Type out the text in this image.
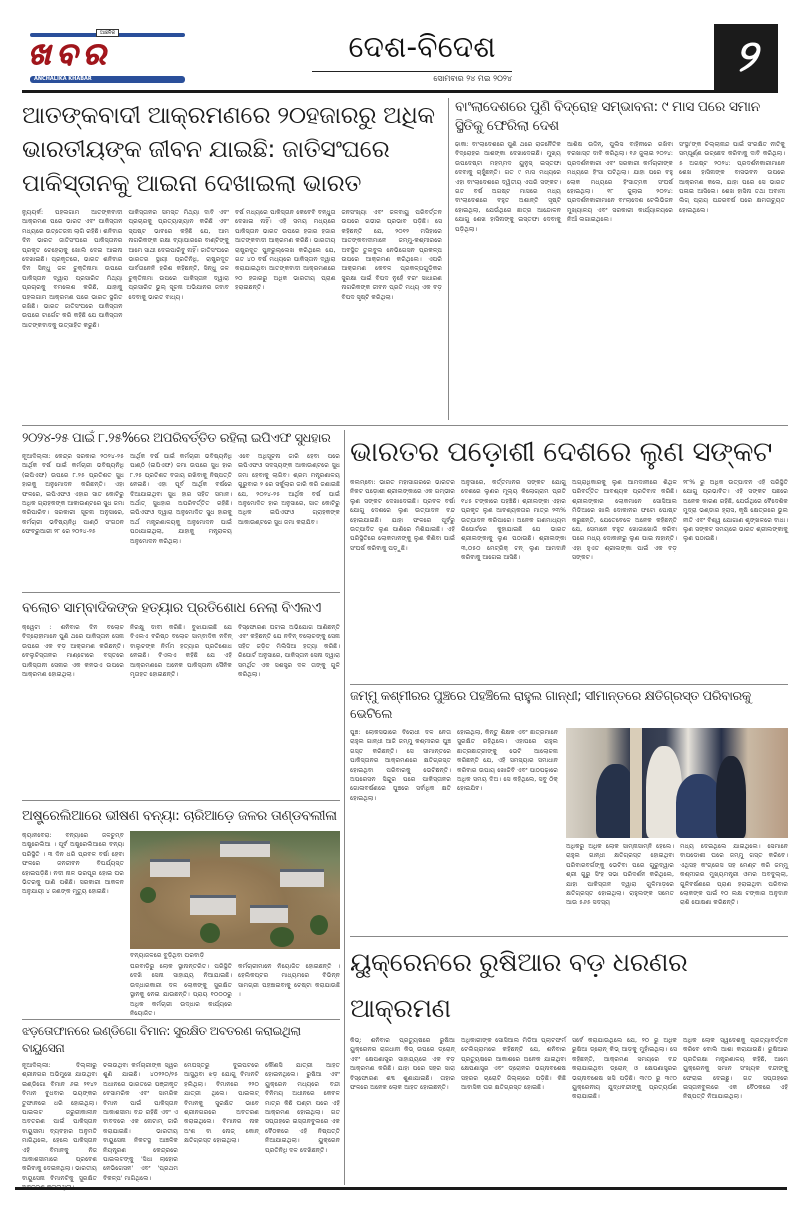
ଖବର
ଆଞ୍ଚଳିକ
ANCHALIKA KHABAR
ଦେଶ-ବିଦେଶ
ସୋମବାର ୨୪ ମଇ ୨୦୨୪	୨
ଆତଙ୍କବାଦୀ ଆକ୍ରମଣରେ ୨୦ହଜାରରୁ ଅଧିକ ଭାରତୀୟଙ୍କ ଜୀବନ ଯାଇଛି: ଜାତିସଂଘରେ ପାକିସ୍ତାନକୁ ଆଇନା ଦେଖାଇଲା ଭାରତ
ନ୍ୟୁୟର୍କ: ପହଲଗାମ ଆତଙ୍କବାଦୀ ଆକ୍ରମଣ ପରେ ଭାରତ ଏବଂ ପାକିସ୍ତାନ ମଧ୍ୟରେ ଉତ୍ତେଜନା ଲାଗି ରହିଛି। ଶନିବାର ଦିନ ଭାରତ ଜାତିସଂଘରେ ପାକିସ୍ତାନର ପ୍ରକୃତ ଚେହେରାକୁ ଖୋଲି ଦେଇ ଆଇନା ଦେଖାଇଛି। ପ୍ରକୃତରେ, ଭାରତ ଶନିବାର ଦିନ ସିନ୍ଧୁ ଜଳ ଚୁକ୍ତିନାମା ଉପରେ ପାକିସ୍ତାନ ଦ୍ୱାରା ପ୍ରସାରିତ ମିଥ୍ୟା ପ୍ରଚାରକୁ ବମଲେଶ କରିଛି, ଯାହାକୁ ପହଲଗାମ ଆକ୍ରମଣ ପରେ ଭାରତ ସ୍ଥଗିତ ରଖିଛି। ଭାରତ ଜାତିସଂଘରେ ପାକିସ୍ତାନ ଉପରେ ଟାର୍ଗେଟ କରି କହିଛି ଯେ ପାକିସ୍ତାନ ଆତଙ୍କବାଦକୁ ଉତ୍ସାହିତ କରୁଛି।
ପାକିସ୍ତାନର ସମସ୍ତ ମିଥ୍ୟା ଦାବି ଏବଂ ପ୍ରଚାରକୁ ପ୍ରତ୍ୟାଖ୍ୟାନ କରିଛି ଏବଂ ସ୍ପଷ୍ଟ ଭାବରେ କହିଛି ଯେ, ଆମ ନାଗରିକଙ୍କ ରକ୍ଷା ବ୍ୟାପାରରେ ବାଣ୍ଟିଙ୍କୁ ଆମେ ସାଥୀ ଦେଇପାରିବୁ ନାହିଁ। ଜାତିସଂଘରେ ଭାରତର ସ୍ଥାୟୀ ପ୍ରତିନିଧି, ରାଷ୍ଟ୍ରଦୂତ ପାର୍ବତାନେନି ହରିଶ କହିଛନ୍ତି, ସିନ୍ଧୁ ଜଳ ଚୁକ୍ତିନାମା ଉପରେ ପାକିସ୍ତାନ ଦ୍ୱାରା ପ୍ରସାରିତ ଭୁଲ୍ ସୂଚନା ଅଭିଯାନର ଜବାବ ଦେବାକୁ ଭାରତ ବାଧ୍ୟ।
ବର୍ଷ ମଧ୍ୟରେ ପାକିସ୍ତାନ କେବେବି ବନ୍ଧୁତା ଦେଖାଇ ନାହିଁ। ଏହି ସମୟ ମଧ୍ୟରେ ପାକିସ୍ତାନ ଭାରତ ଉପରେ ହଜାର ହଜାର ଆତଙ୍କବାଦୀ ଆକ୍ରମଣ କରିଛି। ଭାରତୀୟ ରାଷ୍ଟ୍ରଦୂତ ପୁନରୁଲ୍ଲେଖ କରିଥିଲେ ଯେ, ଗତ ୪୦ ବର୍ଷ ମଧ୍ୟରେ ପାକିସ୍ତାନ ଦ୍ୱାରା କରାଯାଇଥିବା ଆତଙ୍କବାଦୀ ଆକ୍ରମଣରେ ୨୦ ହଜାରରୁ ଅଧିକ ଭାରତୀୟ ପ୍ରାଣ ହରାଇଛନ୍ତି।
ଜନସଂଖ୍ୟା ଏବଂ ଜଳବାୟୁ ପରିବର୍ତ୍ତନ ଉପରେ ଗଭୀର ପ୍ରଭାବ ପଡ଼ିଛି। ସେ କହିଛନ୍ତି ଯେ, ୨୦୧୨ ମସିହାରେ ଆତଙ୍କବାଦୀମାନେ ଜମ୍ମୁ-କଶ୍ମୀରରେ ଅବସ୍ଥିତ ତୁଲବୁଲ ନେଭିଗେସନ ପ୍ରକଳ୍ପ ଉପରେ ଆକ୍ରମଣ କରିଥିଲେ। ଏପରି ଆକ୍ରମଣ କେବଳ ପ୍ରକଳ୍ପଗୁଡ଼ିକର ସୁରକ୍ଷା ପାଇଁ ବିପଦ ନୁହେଁ ବରଂ ସାଧାରଣ ନାଗରିକଙ୍କ ଜୀବନ ପ୍ରତି ମଧ୍ୟ ଏକ ବଡ଼ ବିପଦ ସୃଷ୍ଟି କରିଥିଲା।
ବାଂଲାଦେଶରେ ପୁଣି ବିଦ୍ରୋହ ସମ୍ଭାବନା: ୯ ମାସ ପରେ ସମାନ ସ୍ଥିତିକୁ ଫେରିଲା ଦେଶ
ଢାକା: ବାଂଲାଦେଶରେ ପୁଣି ଥରେ ରାଜନୈତିକ ବିଦ୍ରୋହର ଆଶଙ୍କା ଦେଖାଦେଇଛି। ମୁଖ୍ୟ ଉପଦେଷ୍ଟା ମହମ୍ମଦ ୟୁନୁସ୍ ଇସ୍ତଫା ଦେବାକୁ ଚାହୁଁଛନ୍ତି। ଗତ ୯ ମାସ ମଧ୍ୟରେ ଏହା ବାଂଲାଦେଶରେ ଦ୍ୱିତୀୟ ଏପରି ସଙ୍କଟ। ଗତ ବର୍ଷ ଅଗଷ୍ଟ ମାସରେ ମଧ୍ୟ ବାଂଲାଦେଶରେ ବହୁତ ଅଶାନ୍ତି ସୃଷ୍ଟି ହୋଇଥିଲା, ଯେଉଁଥିରେ ଛାତ୍ର ଆନ୍ଦୋଳନ ଯୋଗୁ ଶେଖ ହାସିନାଙ୍କୁ ଇସ୍ତଫା ଦେବାକୁ ପଡ଼ିଥିଲା।
ଆଶିଷ ଉଦ୍ଦିନ୍, ପୁଲିସ ବାହିନୀରେ ରଖିବା ବରଖାସ୍ତ ଦାବି କରିଥିଲା। ୧୬ ଜୁଲାଇ ୨୦୨୪: ପ୍ରଦର୍ଶନକାରୀ ଏବଂ ସରକାରୀ କର୍ମଚାରୀଙ୍କ ମଧ୍ୟରେ ହିଂସା ଘଟିଥିଲା। ଯାହା ପରେ ବହୁ ଲୋକ ମଧ୍ୟରେ ହିଂସାତ୍ମକ ସଂଘର୍ଷ ହୋଇଥିଲା। ୧୮ ଜୁଲାଇ ୨୦୨୪: ପ୍ରଦର୍ଶନକାରୀମାନେ ବାଂଲାଦେଶ ଟେଲିଭିଜନ ମୁଖ୍ୟାଳୟ ଏବଂ ସରକାରୀ କାର୍ଯ୍ୟାଳୟରେ ନିଆଁ ଲଗାଇଥିଲେ।
ସଂସ୍ଥା'ଙ୍କ ଚିଲ୍ଲାନାନ୍ଦ ପାଇଁ ସଂରକ୍ଷିତ ନୀତିକୁ ସମ୍ପୂର୍ଣ୍ଣ ଉଚ୍ଛେଦ କରିବାକୁ ଦାବି କରିଥିଲା। ୫ ଅଗଷ୍ଟ ୨୦୨୪: ପ୍ରଦର୍ଶନକାରୀମାନେ ଶେଖ ହାସିନାଙ୍କ ବାସଭବନ ଉପରେ ଆକ୍ରମଣ କଲେ, ଯାହା ପରେ ସେ ଭାରତ ପଳାଇ ଆସିଲେ। ଶେଖ ହାସିନା ତଥା ଅବାମୀ ଲିଗ୍ ପ୍ରାୟ ପନ୍ଦରବର୍ଷ ପରେ କ୍ଷମତାଚ୍ୟୁତ ହୋଇଥିଲେ।
୨୦୨୪-୨୫ ପାଇଁ ୮.୨୫%ରେ ଅପରିବର୍ତ୍ତିତ ରହିଲା ଇପିଏଫ ସୁଧହାର
ନୂଆଦିଲ୍ଲୀ: କେନ୍ଦ୍ର ସରକାର ୨୦୨୪-୨୫ ଆର୍ଥିକ ବର୍ଷ ପାଇଁ କର୍ମଚାରୀ ଭବିଷ୍ୟନିଧି (ଇପିଏଫ) ଉପରେ ୮.୨୫ ପ୍ରତିଶତ ସୁଧ ହାରକୁ ଅନୁମୋଦନ କରିଛନ୍ତି। ଏହା ଫଳରେ, ଇପିଏଫଓ ଏହାର ସାତ କୋଟିରୁ ଅଧିକ ଗ୍ରାହକଙ୍କ ଆକାଉଣ୍ଟରେ ସୁଧ ଜମା କରିପାରିବ। ସରକାରୀ ସୂଚନା ଅନୁସାରେ, କର୍ମଚାରୀ ଭବିଷ୍ୟନିଧି ପାଣ୍ଠି ସଂଗଠନ ଫେବ୍ରୁଆରୀ ୨୮ ରେ ୨୦୨୪-୨୫
ଆର୍ଥିକ ବର୍ଷ ପାଇଁ କର୍ମଚାରୀ ଭବିଷ୍ୟନିଧି ପାଣ୍ଠି (ଇପିଏଫ) ଜମା ଉପରେ ସୁଧ ହାର ୮.୨୫ ପ୍ରତିଶତ ବଜାୟ ରଖିବାକୁ ନିଷ୍ପତ୍ତି ନେଇଛି। ଏହା ପୂର୍ବ ଆର୍ଥିକ ବର୍ଷରେ ଦିଆଯାଇଥିବା ସୁଧ ହାର ସହିତ ସମାନ। ଅର୍ଥାତ୍ ସୁଧହାର ଅପରିବର୍ତ୍ତିତ ରହିଛି। ଇପିଏଫଓ ଦ୍ୱାରା ଅନୁମୋଦିତ ସୁଧ ହାରକୁ ଅର୍ଥ ମନ୍ତ୍ରଣାଳୟକୁ ଅନୁମୋଦନ ପାଇଁ ପଠାଯାଇଥିଲା, ଯାହାକୁ ମନ୍ତ୍ରାଳୟ ଅନୁମୋଦନ କରିଥିଲା।
ଏବେ ଅଧିସୂଚନା ଜାରି ହେବା ପରେ ଇପିଏଫଓ ସଦସ୍ୟଙ୍କ ଆକାଉଣ୍ଟରେ ସୁଧ ଜମା ହେବାକୁ ଲାଗିବ। ଶ୍ରମ ମନ୍ତ୍ରଣାଳୟ ଗୁରୁବାର ୨ ରେ ସର୍କୁଲାର ଜାରି କରି ଜଣାଇଛି ଯେ, ୨୦୨୪-୨୫ ଆର୍ଥିକ ବର୍ଷ ପାଇଁ ଅନୁମୋଦିତ ହାର ଅନୁସାରେ, ସାତ କୋଟିରୁ ଅଧିକ ଇପିଏଫଓ ଗ୍ରାହକଙ୍କ ଆକାଉଣ୍ଟରେ ସୁଧ ଜମା କରାଯିବ।
ଭାରତର ପଡ଼ୋଶୀ ଦେଶରେ ଲୁଣ ସଙ୍କଟ
କଲମ୍ବୋ: ଭାରତ ମହାସାଗରରେ ଭାରତର ନିକଟ ପଡ଼ୋଶୀ ଶ୍ରୀଲଙ୍କାରେ ଏକ ଗମ୍ଭୀର ଲୁଣ ସଙ୍କଟ ଦେଖାଦେଇଛି। ପ୍ରବଳ ବର୍ଷା ଯୋଗୁ ଦେଶରେ ଲୁଣ ଉତ୍ପାଦନ ବନ୍ଦ ହୋଇଯାଇଛି। ଯାହା ଫଳରେ ପୂର୍ବରୁ ଉତ୍ପାଦିତ ଲୁଣ ପାଣିରେ ମିଶିଯାଇଛି। ଏହି ପରିସ୍ଥିତିରେ ଲୋକମାନଙ୍କୁ ଲୁଣ କିଣିବା ପାଇଁ ସଂଘର୍ଷ କରିବାକୁ ପଡ଼ୁଛି।
ଅନୁସାରେ, କର୍ତ୍ତମାନର ସଙ୍କଟ ଯୋଗୁ ଦେଶରେ ଲୁଣର ମୂଲ୍ୟ କିଲୋଗ୍ରାମ ପ୍ରତି ୧୪୫ ଟଙ୍କାରେ ପହଞ୍ଚିଛି। ଶ୍ରୀଲଙ୍କା ଏହାର ପ୍ରକୃତ ଲୁଣ ଆବଶ୍ୟକତାର ମାତ୍ର ୨୩% ଉତ୍ପାଦନ କରିପାରେ। ଅନେକ ଗଣମାଧ୍ୟମ ରିପୋର୍ଟରେ କୁହାଯାଇଛି ଯେ ଭାରତ ଶ୍ରୀଲଙ୍କାକୁ ଲୁଣ ପଠାଉଛି। ଶ୍ରୀଲଙ୍କା ୩,୦୫୦ ମେଟ୍ରିକ୍ ଟନ୍ ଲୁଣ ଆମଦାନି କରିବାକୁ ଆଗେଇ ଆସିଛି।
ଅଗ୍ରାଧିକାରକୁ ଲୁଣ ଆମଦାନୀରେ ଶିଥିଳ ପରିବର୍ତ୍ତିତ ଆବଶ୍ୟକ ପ୍ରତିବାଦ କରିଛି। ଶ୍ରୀଲଙ୍କାର ଲୋକମାନେ ସୋସିଆଲ ମିଡିଆରେ ଖାଲି ଦୋକାନର ଫଟୋ ପୋଷ୍ଟ କରୁଛନ୍ତି, ଯେତେବେଳେ ଅନେକ କହିଛନ୍ତି ଯେ, ସେମାନେ ବହୁତ ଖୋଜାଖୋଜି କରିବା ପରେ ମଧ୍ୟ ଦୋକାନରୁ ଲୁଣ ପାଇ ନାହାନ୍ତି। ଏହା ହୁଏତ ଶ୍ରୀଲଙ୍କା ପାଇଁ ଏକ ବଡ଼ ସଙ୍କଟ।
୨୮% ରୁ ଅଧିକ ଉତ୍ପାଦନ ଏହି ପରିସ୍ଥିତି ଯୋଗୁ ପ୍ରଭାବିତ। ଏହି ସଙ୍କଟ ପଛରେ ଅନେକ କାରଣ ରହିଛି, ଯେଉଁଥିରେ ବୈଦେଶିକ ମୁଦ୍ରା ଭଣ୍ଡାର ହ୍ରାସ, କୃଷି କ୍ଷେତ୍ରରେ ଭୁଲ ନୀତି ଏବଂ ବିଶ୍ୱ ଯୋଗାଣ ଶୃଙ୍ଖଳରେ ବାଧା। ଲୁଣ ସଙ୍କଟ ସମୟରେ ଭାରତ ଶ୍ରୀଲଙ୍କାକୁ ଲୁଣ ପଠାଉଛି।
ବଲୋଚ ସାମ୍ବାଦିକଙ୍କ ହତ୍ୟାର ପ୍ରତିଶୋଧ ନେଲା ବିଏଲଏ
କ୍ୱେଟା : ଶନିବାର ଦିନ ବଲୋଚ ବିଦ୍ରୋହୀମାନେ ପୁଣି ଥରେ ପାକିସ୍ତାନ ସେନା ଉପରେ ଏକ ବଡ଼ ଆକ୍ରମଣ କରିଛନ୍ତି। ବେଲୁଚିସ୍ତାନର ମାଣ୍ଟୋରେ ବସ୍ତରେ ପାକିସ୍ତାନୀ ସେନାର ଏକ କନଭଏ ଉପରେ ଆକ୍ରମଣ ହୋଇଥିଲା।
ନିରକ୍ଷୁ ଦାବୀ କରିଛି। ବୁଝାଯାଇଛି ଯେ ବିଏଲଏ ବରିଷ୍ଠ ବଲୋଚ ସାମ୍ବାଦିକ ନବିନ୍ ବାଲୁଚଙ୍କ ନିର୍ମମ ହତ୍ୟାର ପ୍ରତିଶୋଧ ନେଇଛି। ବିଏଲଏ କହିଛି ଯେ ଏହି ଆକ୍ରମଣରେ ଅନେକ ପାକିସ୍ତାନୀ ସୈନିକ ମୃତାହତ ହୋଇଛନ୍ତି।
ବିସ୍ଫୋରଣ ଘଟାଇ ଅଭିଯୋଗ ଆଣିଛନ୍ତି ଏବଂ କହିଛନ୍ତି ଯେ ନବିନ୍ ବଲୋଚଙ୍କୁ ସେନା ସହିତ ଜଡ଼ିତ ମିଲିସିଆ ହତ୍ୟା କରିଛି। ରିପୋର୍ଟ ଅନୁସାରେ, ପାକିସ୍ତାନ ସେନା ଦ୍ୱାରା ସମର୍ଥିତ ଏକ ସଶସ୍ତ୍ର ଦଳ ତାଙ୍କୁ ଗୁଳି କରିଥିଲା।
ଜମ୍ମୁ କଶ୍ମୀରର ପୁଞ୍ଚରେ ପହଞ୍ଚିଲେ ରାହୁଲ ଗାନ୍ଧୀ; ସୀମାନ୍ତରେ କ୍ଷତିଗ୍ରସ୍ତ ପରିବାରକୁ ଭେଟିଲେ
ପୁଞ୍ଚ: ଲୋକସଭାରେ ବିରୋଧୀ ଦଳ ନେତା ରାହୁଲ ଗାନ୍ଧୀ ଆଜି ଜମ୍ମୁ କଶ୍ମୀରର ପୁଞ୍ଚ ଗସ୍ତ କରିଛନ୍ତି। ସେ ସୀମାନ୍ତରେ ପାକିସ୍ତାନର ଆକ୍ରମଣରେ କ୍ଷତିଗ୍ରସ୍ତ ହୋଇଥିବା ପରିବାରକୁ ଭେଟିଛନ୍ତି। ଅପରେସନ ସିନ୍ଦୁର ପରେ ପାକିସ୍ତାନର ଗୋଳାବର୍ଷଣରେ ପୁଞ୍ଚରେ ସର୍ବାଧିକ କ୍ଷତି ହୋଇଥିଲା।
ହୋଇଥିଲା, କିନ୍ତୁ ଶିକ୍ଷକ ଏବଂ ଛାତ୍ରମାନେ ସୁରକ୍ଷିତ ରହିଥିଲେ। ଏହାପରେ ରାହୁଲ ଛାତ୍ରଛାତ୍ରୀଙ୍କୁ ଭେଟି ଆଲୋଚନା କରିଛନ୍ତି ଯେ, ଏହି ସମସ୍ୟାର ସମାଧାନ କରିବାର ଉପାୟ ଖୋଜିବି ଏବଂ ପାଠପଢ଼ାରେ ଅଧିକ ସମୟ ଦିଅ। ସେ କହିଥିଲେ, ସବୁ ଠିକ୍ ହୋଇଯିବ।
ଅଧିକରୁ ଅଧିକ ଲୋକ ସାମ୍ନାସାମ୍ନି ହେଲେ। ରାହୁଲ ଗାନ୍ଧୀ କ୍ଷତିଗ୍ରସ୍ତ ହୋଇଥିବା ପରିବାରବର୍ଗଙ୍କୁ ଭେଟିବା ପରେ ଗୁରୁଦ୍ୱାର ଶ୍ରୀ ଗୁରୁ ସିଂହ ସଭା ପରିଦର୍ଶନ କରିଥିଲେ, ଯାହା ପାକିସ୍ତାନ ଦ୍ୱାରା ଗୁଳିମାଡ଼ରେ କ୍ଷତିଗ୍ରସ୍ତ ହୋଇଥିଲା। ରାହୁଲଙ୍କ ସମେତ ଆଉ ୫୬୫ ସଦସ୍ୟ
ମଧ୍ୟ ଦେଇଥିଲେ ଯାଇଥିଲେ। ସେମାନେ ବାପଡୋଶୀ ଘରେ ଜମ୍ମୁ ଗସ୍ତ କରିବେ। ଏଥିସହ କଂଗ୍ରେସ ସହ ମେଣ୍ଟ କରି ଜମ୍ମୁ କଶ୍ମୀରର ମୁଖ୍ୟମନ୍ତ୍ରୀ ଓମର ଅବଦୁଲ୍ଲା, ଗୁଳିବର୍ଷଣରେ ପ୍ରାଣ ହରାଇଥିବା ପରିବାର ଲୋକଙ୍କ ପାଇଁ ୧୦ ଲକ୍ଷ ଟଙ୍କାର ଅନୁଦାନ ରାଶି ଘୋଷଣା କରିଛନ୍ତି।
ଅଷ୍ଟ୍ରେଲିଆରେ ଭୀଷଣ ବନ୍ୟା: ଚାରିଆଡ଼େ ଜଳର ତାଣ୍ଡବଲୀଳା
କ୍ୟାନବେରା: ବନ୍ୟାରେ ଜଳଚୁମ୍ବ ଅଷ୍ଟ୍ରେଲିଆ । ପୂର୍ବ ଅଷ୍ଟ୍ରେଲିଆରେ ବନ୍ୟା ପରିସ୍ଥିତି । ୩ ଦିନ ଧରି ପ୍ରବଳ ବର୍ଷା ହେବା ଫଳରେ ଜନଜୀବନ ବିପର୍ଯ୍ୟସ୍ତ ହୋଇପଡ଼ିଛି। ନଦୀ ନାଳ ଭରପୂର ହୋଇ ଘର ଭିତରକୁ ପାଣି ପଶିଛି। ସରକାରୀ ଆକଳନ ଅନୁଯାୟୀ ୪ ଜଣଙ୍କ ମୃତ୍ୟୁ ହୋଇଛି।
ବନ୍ୟାଜଳରେ ବୁଡ଼ିଥିବା ଘରବାଡ଼ି
ଘରବାଡ଼ିରୁ ଲୋକ ସ୍ଥାନାନ୍ତରିତ। ପରିସ୍ଥିତି ଦେଖି ସେନା ସାହାଯ୍ୟ ନିଆଯାଇଛି। ଉଦ୍ଧାରକାରୀ ଦଳ ଲୋକଙ୍କୁ ସୁରକ୍ଷିତ ସ୍ଥାନକୁ ନେଇ ଯାଉଛନ୍ତି। ପ୍ରାୟ ୧୦୦୦ରୁ ଅଧିକ କର୍ମଚାରୀ ଉଦ୍ଧାର କାର୍ଯ୍ୟରେ ନିୟୋଜିତ।
କର୍ମଚାରୀମାନେ ନିୟୋଜିତ ହୋଇଛନ୍ତି । ହେଲିକପ୍ଟର ମାଧ୍ୟମରେ ବିଭିନ୍ନ ସାମଗ୍ରୀ ପହଞ୍ଚାଇବାକୁ ଚେଷ୍ଟା କରାଯାଉଛି ।
ୟୁକ୍ରେନରେ ରୁଷିଆର ବଡ଼ ଧରଣର ଆକ୍ରମଣ
କିଭ୍: ଶନିବାର ପ୍ରତ୍ୟୁଷରେ ରୁଷିଆ ୟୁକ୍ରେନର ରାଜଧାନୀ କିଭ୍ ଉପରେ ଡ୍ରୋନ୍ ଏବଂ କ୍ଷେପଣାସ୍ତ୍ର ସାହାଯ୍ୟରେ ଏକ ବଡ଼ ଆକ୍ରମଣ କରିଛି। ଯାହା ପରେ ସହର ସାରା ବିସ୍ଫୋରଣ ଶବ୍ଦ ଶୁଣାଯାଇଛି। ତାହାର ଫଳରେ ଅନେକ ଲୋକ ଆହତ ହୋଇଛନ୍ତି।
ଅଧିକାରୀଙ୍କ ସୋସିଆଲ ମିଡିଆ ପ୍ଲାଟଫର୍ମ ଟେଲିଗ୍ରାମରେ କହିଛନ୍ତି ଯେ, ଶନିବାର ପ୍ରତ୍ୟୁଷରେ ଆକାଶରେ ଅନେକ ଯାଇଥିବା କ୍ଷେପଣାସ୍ତ୍ର ଏବଂ ଡ୍ରୋନର ଭଗ୍ନାବଶେଷ ସହରର ଚାରୋଟି ଜିଲ୍ଲାରେ ପଡ଼ିଛି। କିଛି ଆବାସିକ ଘର କ୍ଷତିଗ୍ରସ୍ତ ହୋଇଛି।
ସର୍ବେ କରାଯାଉଥିଲେ ଯେ, ୨୦ ରୁ ଅଧିକ ରୁଷିଆ ଡ୍ରୋନ୍ କିଭ୍ ଆଡ଼କୁ ମୁହାଁଇଥିଲା। ସେ କହିଛନ୍ତି, ଆକ୍ରମଣ ସମୟରେ ବନ୍ଦ କରାଯାଇଥିବା ଡ୍ରୋନ୍ ଓ କ୍ଷେପଣାସ୍ତ୍ରର ଭଗ୍ନାବଶେଷ ଖସି ପଡ଼ିଛି। ୩୯୦ ରୁ ୩୯୦ ୟୁକ୍ରେନୀୟ ଯୁଦ୍ଧବନ୍ଦୀଙ୍କୁ ପ୍ରତ୍ୟର୍ପଣ କରାଯାଇଛି।
ଅଧିକ ଲୋକ ସ୍ୱଦେଶକୁ ପ୍ରତ୍ୟାବର୍ତ୍ତନ କରିବେ ବୋଲି ଆଶା କରାଯାଉଛି। ରୁଷିଆର ପ୍ରତିରକ୍ଷା ମନ୍ତ୍ରଣାଳୟ କହିଛି, ଆମେ ୟୁକ୍ରେନକୁ ସମାନ ସଂଖ୍ୟକ ବନ୍ଦୀଙ୍କୁ ଫେରାଇ ଦେଇଛୁ। ଗତ ସପ୍ତାହରେ ଇସ୍ତାନବୁଲରେ ଏକ ବୈଠକରେ ଏହି ନିଷ୍ପତ୍ତି ନିଆଯାଇଥିଲା।
ଝଡ଼ତୋଫାନରେ ଇଣ୍ଡିଗୋ ବିମାନ: ସୁରକ୍ଷିତ ଅବତରଣ କରାଇଥିଲା ବାୟୁସେନା
ନୂଆଦିଲ୍ଲୀ: ଦିଲ୍ଲୀରୁ ଶ୍ରୀନଗର ଅଭିମୁଖେ ଯାଉଥିବା ଇଣ୍ଡିଗୋ ବିମାନ ୬ଇ ୨୧୪୨ ବିମାନ ବୁଧବାର ଭୟଙ୍କର ତୁଫାନରେ ଧରି ହୋଇଥିଲା। ପାଇଲଟ ଜରୁରୀକାଳୀନ ଅବତରଣ ପାଇଁ ପାକିସ୍ତାନ ବାୟୁସୀମା ବ୍ୟବହାର ଅନୁମତି ମାଗିଥିଲେ, ହେଲେ ପାକିସ୍ତାନ ଏହି ବିମାନକୁ ନିଜ ଆକାଶସୀମାରେ ପ୍ରବେଶ କରିବାକୁ ଦେଇନଥିଲା। ଭାରତୀୟ ବାୟୁସେନା ବିମାନଟିକୁ ସୁରକ୍ଷିତ
ଚଳାଉଥିବା କର୍ମଚାରୀଙ୍କ ସ୍ୱର ଶୁଣି ଯାଇଛି। ୪୦୨୨୦/୨୫ ଅଧାନରେ ଭାରତରେ ପଞ୍ଜୀକୃତ ବେସାମରିକ ଏବଂ ସାମରିକ ବିମାନ ପାଇଁ ପାକିସ୍ତାନ ଆକାଶସୀମା ବନ୍ଦ ରହିଛି ଏବଂ ଏ ବାବଦରେ ଏକ ନୋଟାମ୍ ଜାରି କରାଯାଇଛି। ଭାରତୀୟ ବାୟୁସେନା ନିକଟସ୍ଥ ଆଞ୍ଚଳିକ ନିୟନ୍ତ୍ରଣ କେନ୍ଦ୍ରରେ ପାଇଲଟଙ୍କୁ 'ସିଧା ଲାହୋର ନେଭିଗେସନ' ଏବଂ 'ପ୍ରଥମ ବିକଳ୍ପ' ମାଗିଥିଲେ।
ମେଘସ୍ତରୁ ଦୁଇପଟରେ ଆସୁଥିବା ଝଡ଼ ଯୋଗୁ ବିମାନଟି ହଲିଥିଲା। ବିମାନରେ ୨୨୦ ଯାତ୍ରୀ ଥିଲେ। ପାଇଲଟ୍ ବିମାନକୁ ସୁରକ୍ଷିତ ଭାବେ ଶ୍ରୀନଗରରେ ଅବତରଣ କରାଇଥିଲେ। ବିମାନର ନାକ ଅଂଶ ବା ନୋଜ୍ କୋନ୍ କ୍ଷତିଗ୍ରସ୍ତ ହୋଇଥିଲା।
କୌଣସି ଯାତ୍ରୀ ଆହତ ହୋଇନଥିଲେ। ରୁଷିଆ ଏବଂ ୟୁକ୍ରେନ ମଧ୍ୟରେ ବନ୍ଦୀ ବିନିମୟ ଅଧୀନରେ କେବଳ ମାତ୍ର କିଛି ଘଣ୍ଟା ପରେ ଏହି ଆକ୍ରମଣ ହୋଇଥିଲା। ଗତ ସପ୍ତାହରେ ଇସ୍ତାନବୁଲରେ ଏକ ବୈଠକରେ ଏହି ନିଷ୍ପତ୍ତି ନିଆଯାଇଥିଲା। ୟୁକ୍ରେନ ପ୍ରତିନିଧି ଦଳ ଦେଖିଛନ୍ତି।
